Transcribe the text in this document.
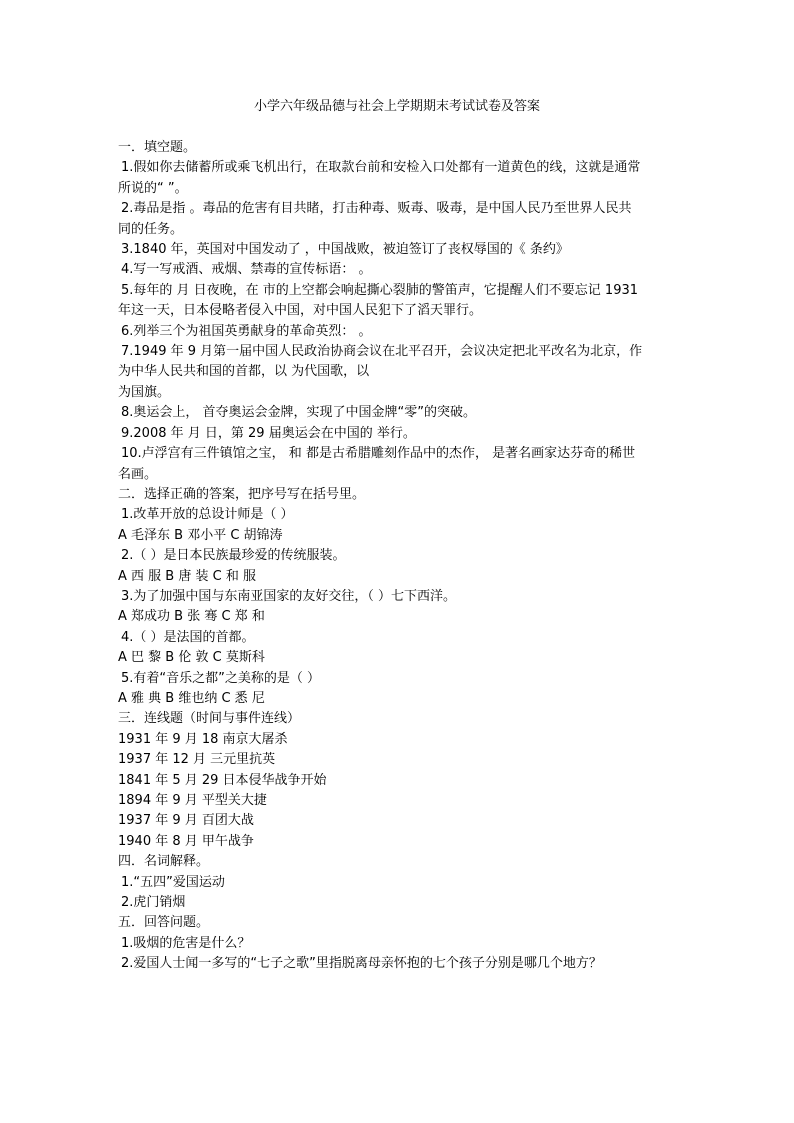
小学六年级品德与社会上学期期末考试试卷及答案
一．填空题。
1.假如你去储蓄所或乘飞机出行，在取款台前和安检入口处都有一道黄色的线，这就是通常
所说的“ ”。
2.毒品是指 。毒品的危害有目共睹，打击种毒、贩毒、吸毒，是中国人民乃至世界人民共
同的任务。
3.1840 年，英国对中国发动了 ，中国战败，被迫签订了丧权辱国的《 条约》
4.写一写戒酒、戒烟、禁毒的宣传标语： 。
5.每年的 月 日夜晚，在 市的上空都会响起撕心裂肺的警笛声，它提醒人们不要忘记 1931
年这一天，日本侵略者侵入中国，对中国人民犯下了滔天罪行。
6.列举三个为祖国英勇献身的革命英烈： 。
7.1949 年 9 月第一届中国人民政治协商会议在北平召开，会议决定把北平改名为北京，作
为中华人民共和国的首都，以 为代国歌，以
为国旗。
8.奥运会上， 首夺奥运会金牌，实现了中国金牌“零”的突破。
9.2008 年 月 日，第 29 届奥运会在中国的 举行。
10.卢浮宫有三件镇馆之宝， 和 都是古希腊雕刻作品中的杰作， 是著名画家达芬奇的稀世
名画。
二．选择正确的答案，把序号写在括号里。
1.改革开放的总设计师是（ ）
A 毛泽东 B 邓小平 C 胡锦涛
2.（ ）是日本民族最珍爱的传统服装。
A 西 服 B 唐 装 C 和 服
3.为了加强中国与东南亚国家的友好交往，（ ）七下西洋。
A 郑成功 B 张 骞 C 郑 和
4.（ ）是法国的首都。
A 巴 黎 B 伦 敦 C 莫斯科
5.有着“音乐之都”之美称的是（ ）
A 雅 典 B 维也纳 C 悉 尼
三．连线题（时间与事件连线）
1931 年 9 月 18 南京大屠杀
1937 年 12 月 三元里抗英
1841 年 5 月 29 日本侵华战争开始
1894 年 9 月 平型关大捷
1937 年 9 月 百团大战
1940 年 8 月 甲午战争
四．名词解释。
1.“五四”爱国运动
2.虎门销烟
五．回答问题。
1.吸烟的危害是什么？
2.爱国人士闻一多写的“七子之歌”里指脱离母亲怀抱的七个孩子分别是哪几个地方？
